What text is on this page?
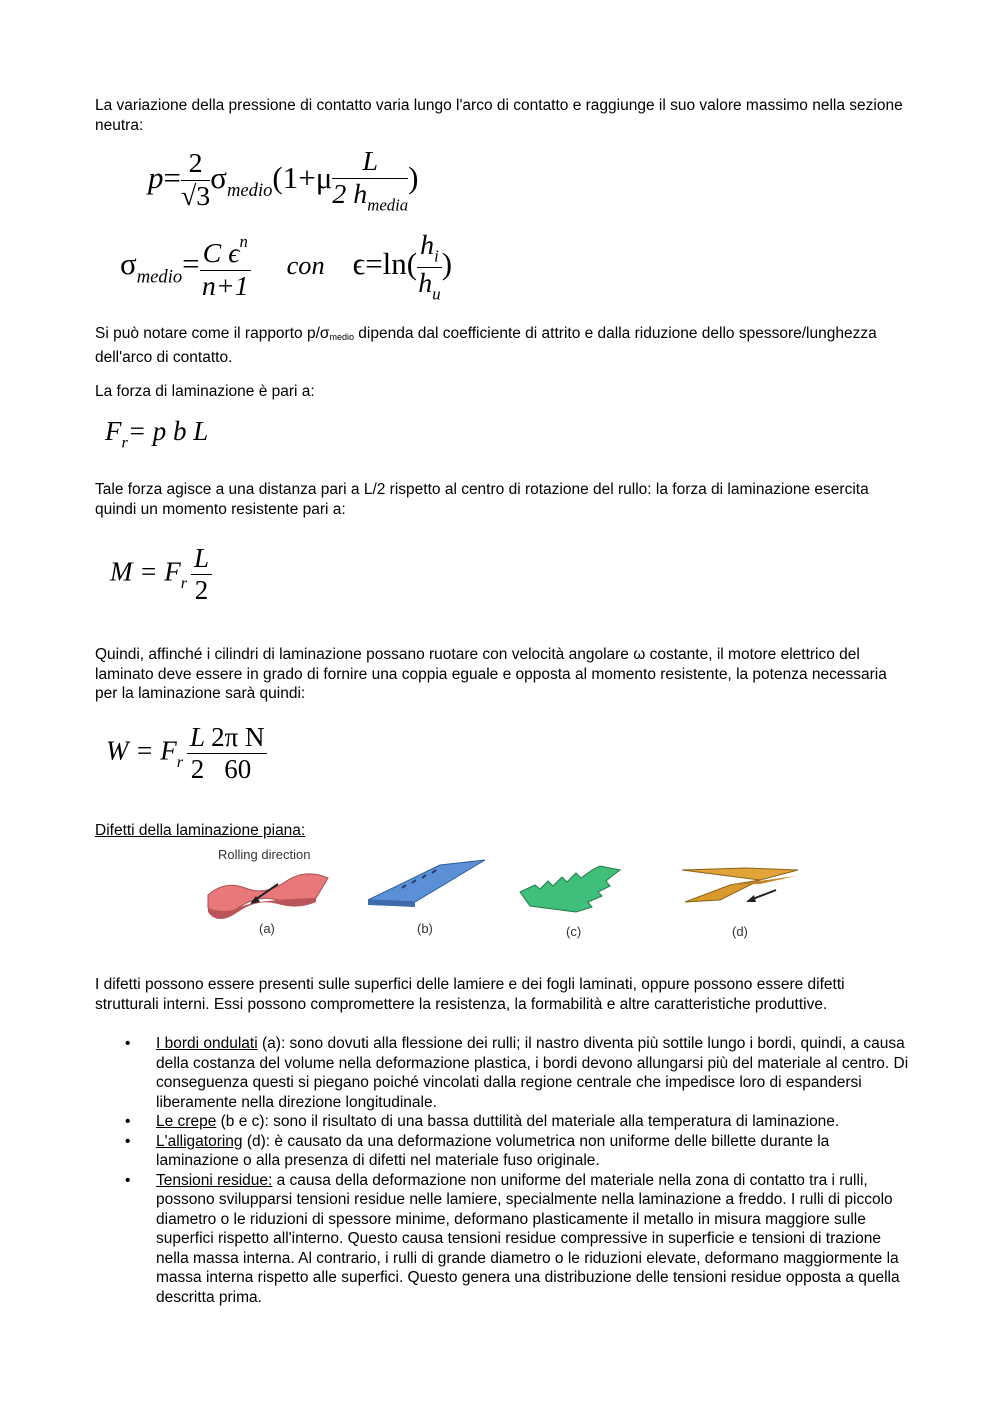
La variazione della pressione di contatto varia lungo l'arco di contatto e raggiunge il suo valore massimo nella sezione neutra:

$p= \frac{2}{√3} \sigma_{medio}(1+\mu \frac{L}{2 h_{media}}$ )
$\sigma_{medio}= \frac{C \epsilon^n}{n+1}$ con $\epsilon=\ln( \frac{h_i}{h_u}$ )

Si può notare come il rapporto p/σmedio dipenda dal coefficiente di attrito e dalla riduzione dello spessore/lunghezza dell'arco di contatto.

La forza di laminazione è pari a:

$F_r= p$ b L

Tale forza agisce a una distanza pari a L/2 rispetto al centro di rotazione del rullo: la forza di laminazione esercita quindi un momento resistente pari a:

$M = F_r \frac{L}{2}$

Quindi, affinché i cilindri di laminazione possano ruotare con velocità angolare ω costante, il motore elettrico del laminato deve essere in grado di fornire una coppia eguale e opposta al momento resistente, la potenza necessaria per la laminazione sarà quindi:

$W = F_r \frac{L}{2} \frac{\text{2π N}}{60}$

Difetti della laminazione piana:

Rolling direction
(a)	(b)	(c)	(d)

I difetti possono essere presenti sulle superfici delle lamiere e dei fogli laminati, oppure possono essere difetti strutturali interni. Essi possono compromettere la resistenza, la formabilità e altre caratteristiche produttive.

• I bordi ondulati (a): sono dovuti alla flessione dei rulli; il nastro diventa più sottile lungo i bordi, quindi, a causa della costanza del volume nella deformazione plastica, i bordi devono allungarsi più del materiale al centro. Di conseguenza questi si piegano poiché vincolati dalla regione centrale che impedisce loro di espandersi liberamente nella direzione longitudinale.
• Le crepe (b e c): sono il risultato di una bassa duttilità del materiale alla temperatura di laminazione.
• L'alligatoring (d): è causato da una deformazione volumetrica non uniforme delle billette durante la laminazione o alla presenza di difetti nel materiale fuso originale.
• Tensioni residue: a causa della deformazione non uniforme del materiale nella zona di contatto tra i rulli, possono svilupparsi tensioni residue nelle lamiere, specialmente nella laminazione a freddo. I rulli di piccolo diametro o le riduzioni di spessore minime, deformano plasticamente il metallo in misura maggiore sulle superfici rispetto all'interno. Questo causa tensioni residue compressive in superficie e tensioni di trazione nella massa interna. Al contrario, i rulli di grande diametro o le riduzioni elevate, deformano maggiormente la massa interna rispetto alle superfici. Questo genera una distribuzione delle tensioni residue opposta a quella descritta prima.
